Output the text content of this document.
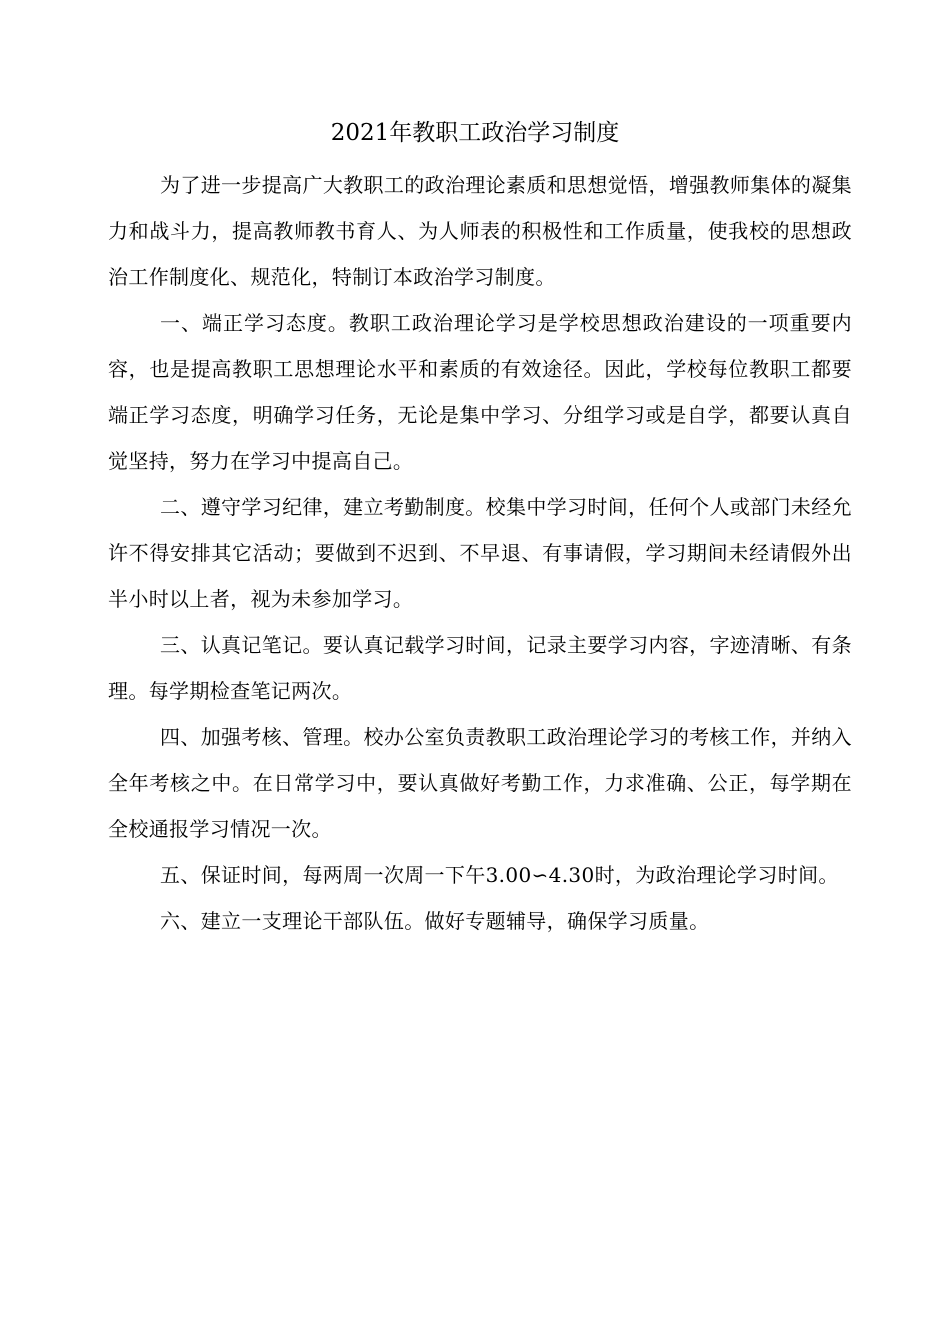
2021年教职工政治学习制度

为了进一步提高广大教职工的政治理论素质和思想觉悟，增强教师集体的凝集力和战斗力，提高教师教书育人、为人师表的积极性和工作质量，使我校的思想政治工作制度化、规范化，特制订本政治学习制度。

一、端正学习态度。教职工政治理论学习是学校思想政治建设的一项重要内容，也是提高教职工思想理论水平和素质的有效途径。因此，学校每位教职工都要端正学习态度，明确学习任务，无论是集中学习、分组学习或是自学，都要认真自觉坚持，努力在学习中提高自己。

二、遵守学习纪律，建立考勤制度。校集中学习时间，任何个人或部门未经允许不得安排其它活动；要做到不迟到、不早退、有事请假，学习期间未经请假外出半小时以上者，视为未参加学习。

三、认真记笔记。要认真记载学习时间，记录主要学习内容，字迹清晰、有条理。每学期检查笔记两次。

四、加强考核、管理。校办公室负责教职工政治理论学习的考核工作，并纳入全年考核之中。在日常学习中，要认真做好考勤工作，力求准确、公正，每学期在全校通报学习情况一次。

五、保证时间，每两周一次周一下午3.00∽4.30时，为政治理论学习时间。

六、建立一支理论干部队伍。做好专题辅导，确保学习质量。
